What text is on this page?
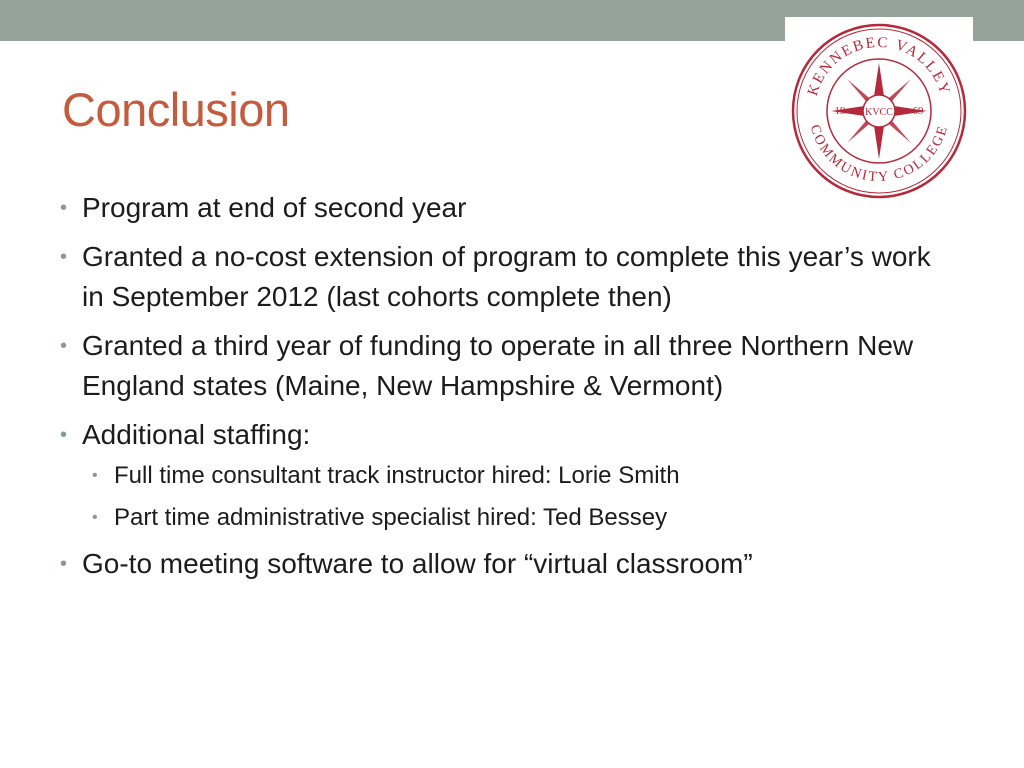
KENNEBEC VALLEY
COMMUNITY COLLEGE
KVCC
19	69
Conclusion
• Program at end of second year
• Granted a no-cost extension of program to complete this year’s work in September 2012 (last cohorts complete then)
• Granted a third year of funding to operate in all three Northern New England states (Maine, New Hampshire & Vermont)
• Additional staffing:
• Full time consultant track instructor hired: Lorie Smith
• Part time administrative specialist hired: Ted Bessey
• Go-to meeting software to allow for “virtual classroom”
